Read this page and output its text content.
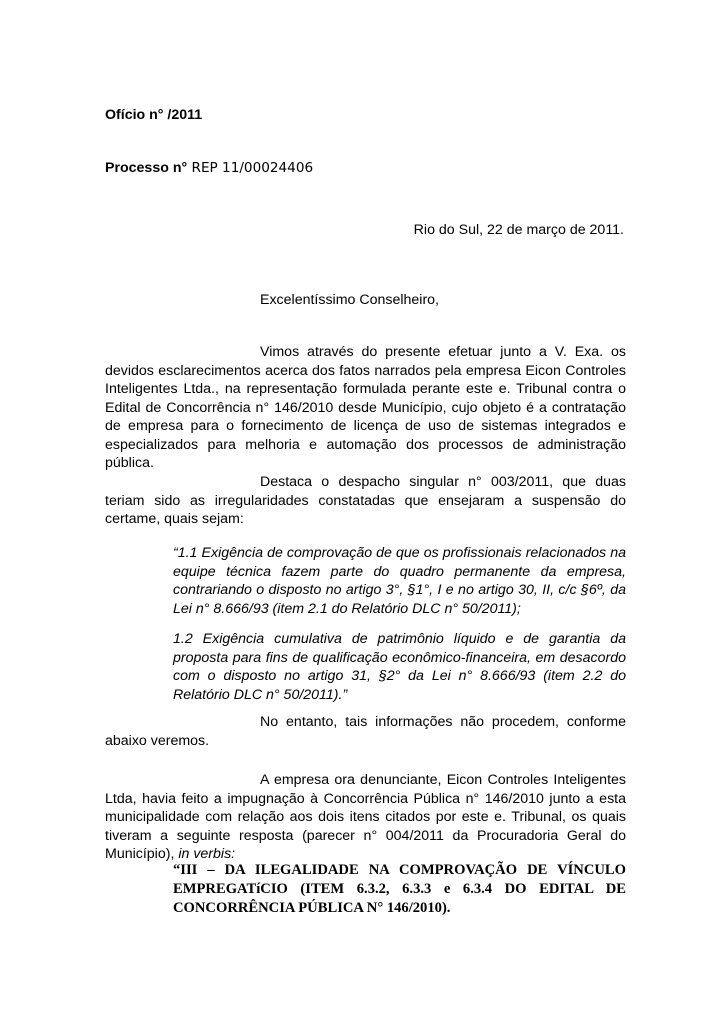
Ofício n° /2011
Processo n° REP 11/00024406
Rio do Sul, 22 de março de 2011.
Excelentíssimo Conselheiro,

Vimos através do presente efetuar junto a V. Exa. os devidos esclarecimentos acerca dos fatos narrados pela empresa Eicon Controles Inteligentes Ltda., na representação formulada perante este e. Tribunal contra o Edital de Concorrência n° 146/2010 desde Município, cujo objeto é a contratação de empresa para o fornecimento de licença de uso de sistemas integrados e especializados para melhoria e automação dos processos de administração pública.

Destaca o despacho singular n° 003/2011, que duas teriam sido as irregularidades constatadas que ensejaram a suspensão do certame, quais sejam:

“1.1 Exigência de comprovação de que os profissionais relacionados na equipe técnica fazem parte do quadro permanente da empresa, contrariando o disposto no artigo 3°, §1°, I e no artigo 30, II, c/c §6º, da Lei n° 8.666/93 (item 2.1 do Relatório DLC n° 50/2011);

1.2 Exigência cumulativa de patrimônio líquido e de garantia da proposta para fins de qualificação econômico-financeira, em desacordo com o disposto no artigo 31, §2° da Lei n° 8.666/93 (item 2.2 do Relatório DLC n° 50/2011).”

No entanto, tais informações não procedem, conforme abaixo veremos.

A empresa ora denunciante, Eicon Controles Inteligentes Ltda, havia feito a impugnação à Concorrência Pública n° 146/2010 junto a esta municipalidade com relação aos dois itens citados por este e. Tribunal, os quais tiveram a seguinte resposta (parecer n° 004/2011 da Procuradoria Geral do Município), in verbis:

“III – DA ILEGALIDADE NA COMPROVAÇÃO DE VÍNCULO EMPREGATíCIO (ITEM 6.3.2, 6.3.3 e 6.3.4 DO EDITAL DE CONCORRÊNCIA PÚBLICA N° 146/2010).
